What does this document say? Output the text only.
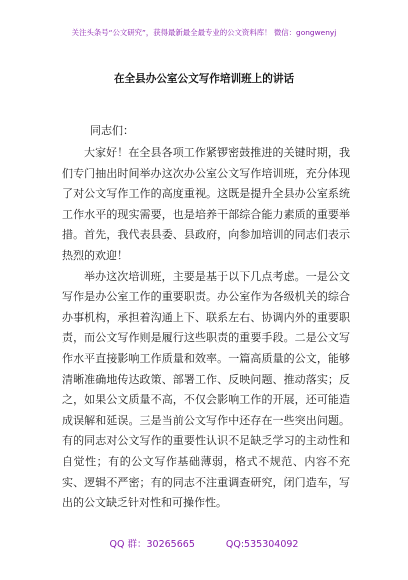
关注头条号“公文研究”，获得最新最全最专业的公文资料库！ 微信：gongwenyj
在全县办公室公文写作培训班上的讲话
同志们：

大家好！在全县各项工作紧锣密鼓推进的关键时期，我们专门抽出时间举办这次办公室公文写作培训班，充分体现了对公文写作工作的高度重视。这既是提升全县办公室系统工作水平的现实需要，也是培养干部综合能力素质的重要举措。首先，我代表县委、县政府，向参加培训的同志们表示热烈的欢迎！

举办这次培训班，主要是基于以下几点考虑。一是公文写作是办公室工作的重要职责。办公室作为各级机关的综合办事机构，承担着沟通上下、联系左右、协调内外的重要职责，而公文写作则是履行这些职责的重要手段。二是公文写作水平直接影响工作质量和效率。一篇高质量的公文，能够清晰准确地传达政策、部署工作、反映问题、推动落实；反之，如果公文质量不高，不仅会影响工作的开展，还可能造成误解和延误。三是当前公文写作中还存在一些突出问题。有的同志对公文写作的重要性认识不足缺乏学习的主动性和自觉性；有的公文写作基础薄弱，格式不规范、内容不充实、逻辑不严密；有的同志不注重调查研究，闭门造车，写出的公文缺乏针对性和可操作性。

QQ 群：30265665	QQ:535304092
